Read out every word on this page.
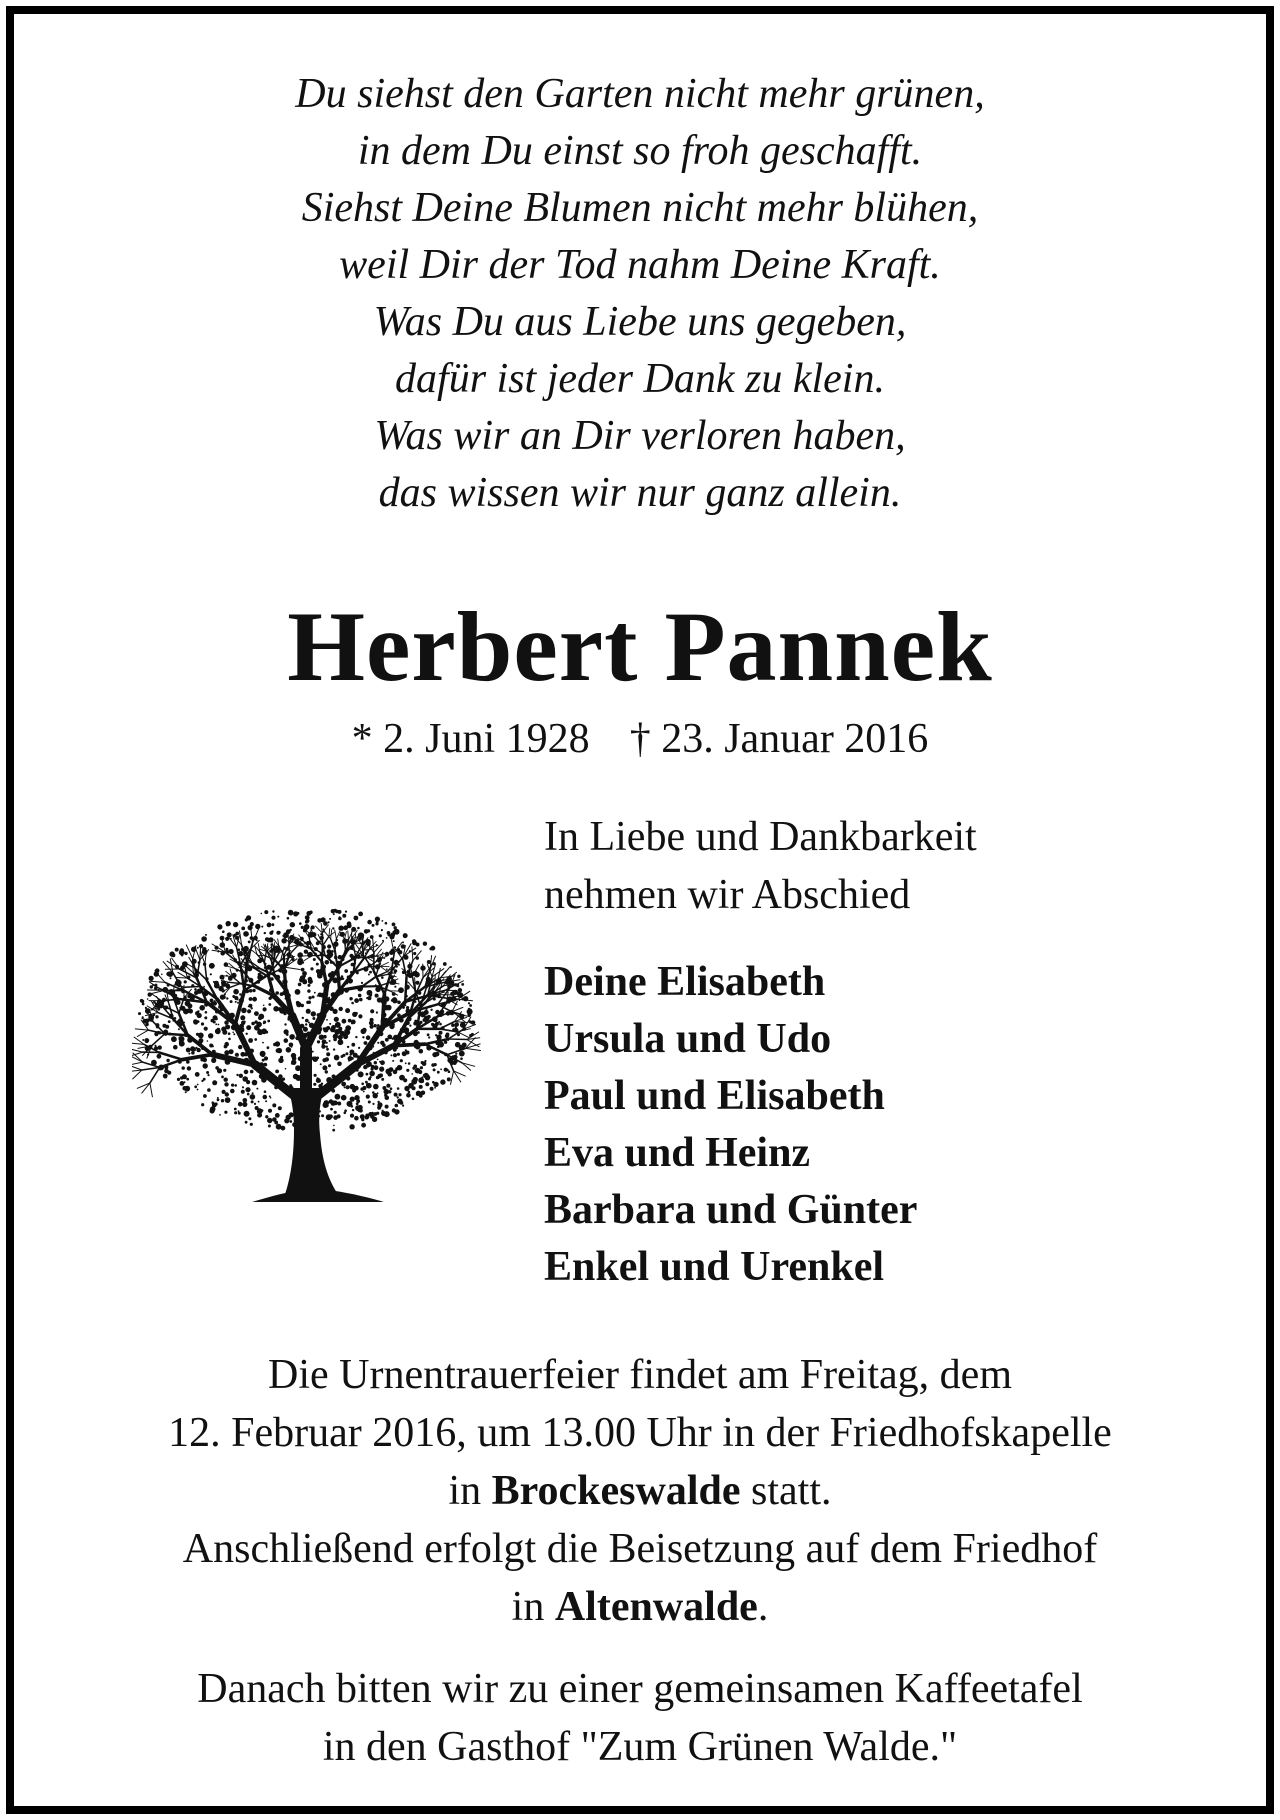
Du siehst den Garten nicht mehr grünen,
in dem Du einst so froh geschafft.
Siehst Deine Blumen nicht mehr blühen,
weil Dir der Tod nahm Deine Kraft.
Was Du aus Liebe uns gegeben,
dafür ist jeder Dank zu klein.
Was wir an Dir verloren haben,
das wissen wir nur ganz allein.
Herbert Pannek
* 2. Juni 1928 † 23. Januar 2016
In Liebe und Dankbarkeit
nehmen wir Abschied
Deine Elisabeth
Ursula und Udo
Paul und Elisabeth
Eva und Heinz
Barbara und Günter
Enkel und Urenkel
Die Urnentrauerfeier findet am Freitag, dem
12. Februar 2016, um 13.00 Uhr in der Friedhofskapelle
in Brockeswalde statt.
Anschließend erfolgt die Beisetzung auf dem Friedhof
in Altenwalde.
Danach bitten wir zu einer gemeinsamen Kaffeetafel
in den Gasthof "Zum Grünen Walde."
